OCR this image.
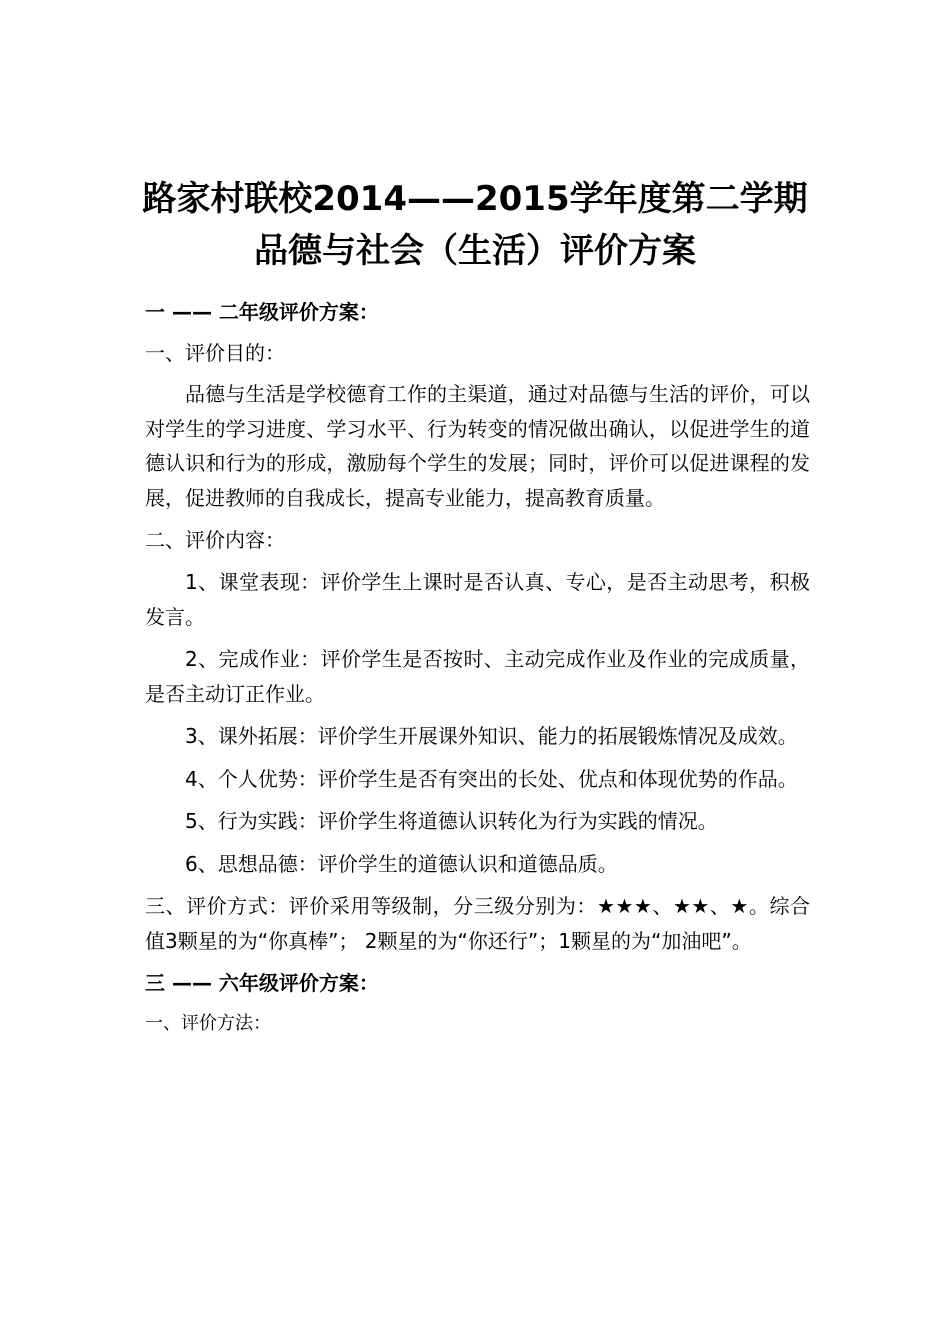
路家村联校2014——2015学年度第二学期
品德与社会（生活）评价方案

一 —— 二年级评价方案：

一、评价目的：

品德与生活是学校德育工作的主渠道，通过对品德与生活的评价，可以对学生的学习进度、学习水平、行为转变的情况做出确认，以促进学生的道德认识和行为的形成，激励每个学生的发展；同时，评价可以促进课程的发展，促进教师的自我成长，提高专业能力，提高教育质量。

二、评价内容：

1、课堂表现：评价学生上课时是否认真、专心，是否主动思考，积极发言。

2、完成作业：评价学生是否按时、主动完成作业及作业的完成质量，是否主动订正作业。

3、课外拓展：评价学生开展课外知识、能力的拓展锻炼情况及成效。

4、个人优势：评价学生是否有突出的长处、优点和体现优势的作品。

5、行为实践：评价学生将道德认识转化为行为实践的情况。

6、思想品德：评价学生的道德认识和道德品质。

三、评价方式：评价采用等级制，分三级分别为：★★★、★★、★。综合值3颗星的为“你真棒”； 2颗星的为“你还行”；1颗星的为“加油吧”。

三 —— 六年级评价方案：

一、评价方法：
